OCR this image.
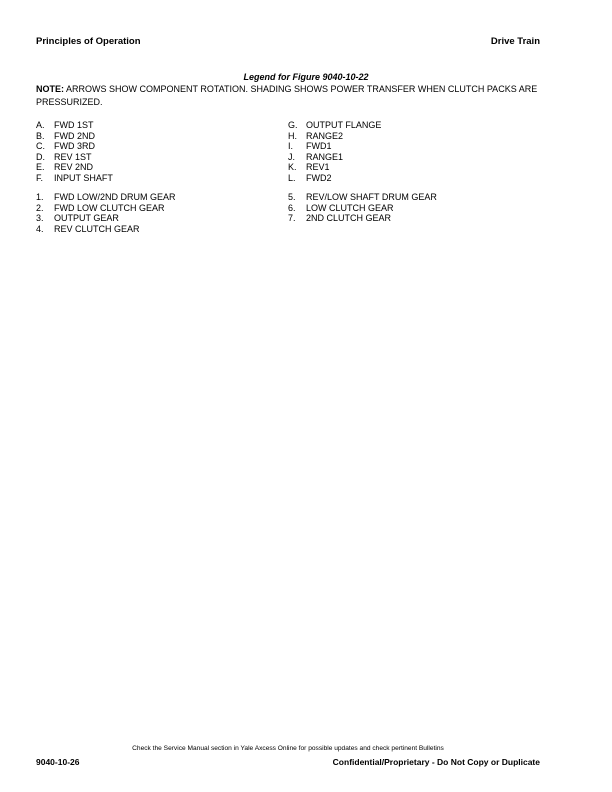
Principles of Operation	Drive Train
Legend for Figure 9040-10-22
NOTE: ARROWS SHOW COMPONENT ROTATION. SHADING SHOWS POWER TRANSFER WHEN CLUTCH PACKS ARE PRESSURIZED.
A.	FWD 1ST
B.	FWD 2ND
C.	FWD 3RD
D.	REV 1ST
E.	REV 2ND
F.	INPUT SHAFT
G. OUTPUT FLANGE
H.	RANGE2
I.	FWD1
J.	RANGE1
K.	REV1
L.	FWD2
1.	FWD LOW/2ND DRUM GEAR
2.	FWD LOW CLUTCH GEAR
3.	OUTPUT GEAR
4.	REV CLUTCH GEAR
5.	REV/LOW SHAFT DRUM GEAR
6.	LOW CLUTCH GEAR
7.	2ND CLUTCH GEAR
Check the Service Manual section in Yale Axcess Online for possible updates and check pertinent Bulletins
9040-10-26	Confidential/Proprietary - Do Not Copy or Duplicate
